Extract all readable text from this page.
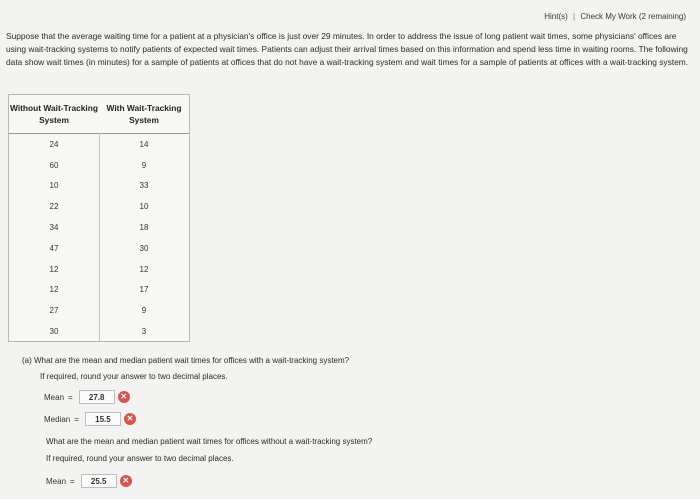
Hint(s) | Check My Work (2 remaining)
Suppose that the average waiting time for a patient at a physician's office is just over 29 minutes. In order to address the issue of long patient wait times, some physicians' offices are using wait-tracking systems to notify patients of expected wait times. Patients can adjust their arrival times based on this information and spend less time in waiting rooms. The following data show wait times (in minutes) for a sample of patients at offices that do not have a wait-tracking system and wait times for a sample of patients at offices with a wait-tracking system.
Without Wait-Tracking System
With Wait-Tracking System
24	14
60	9
10	33
22	10
34	18
47	30
12	12
12	17
27	9
30	3
(a) What are the mean and median patient wait times for offices with a wait-tracking system?
If required, round your answer to two decimal places.
Mean =	27.8	✕
Median =	15.5	✕
What are the mean and median patient wait times for offices without a wait-tracking system?
If required, round your answer to two decimal places.
Mean =	25.5	✕
